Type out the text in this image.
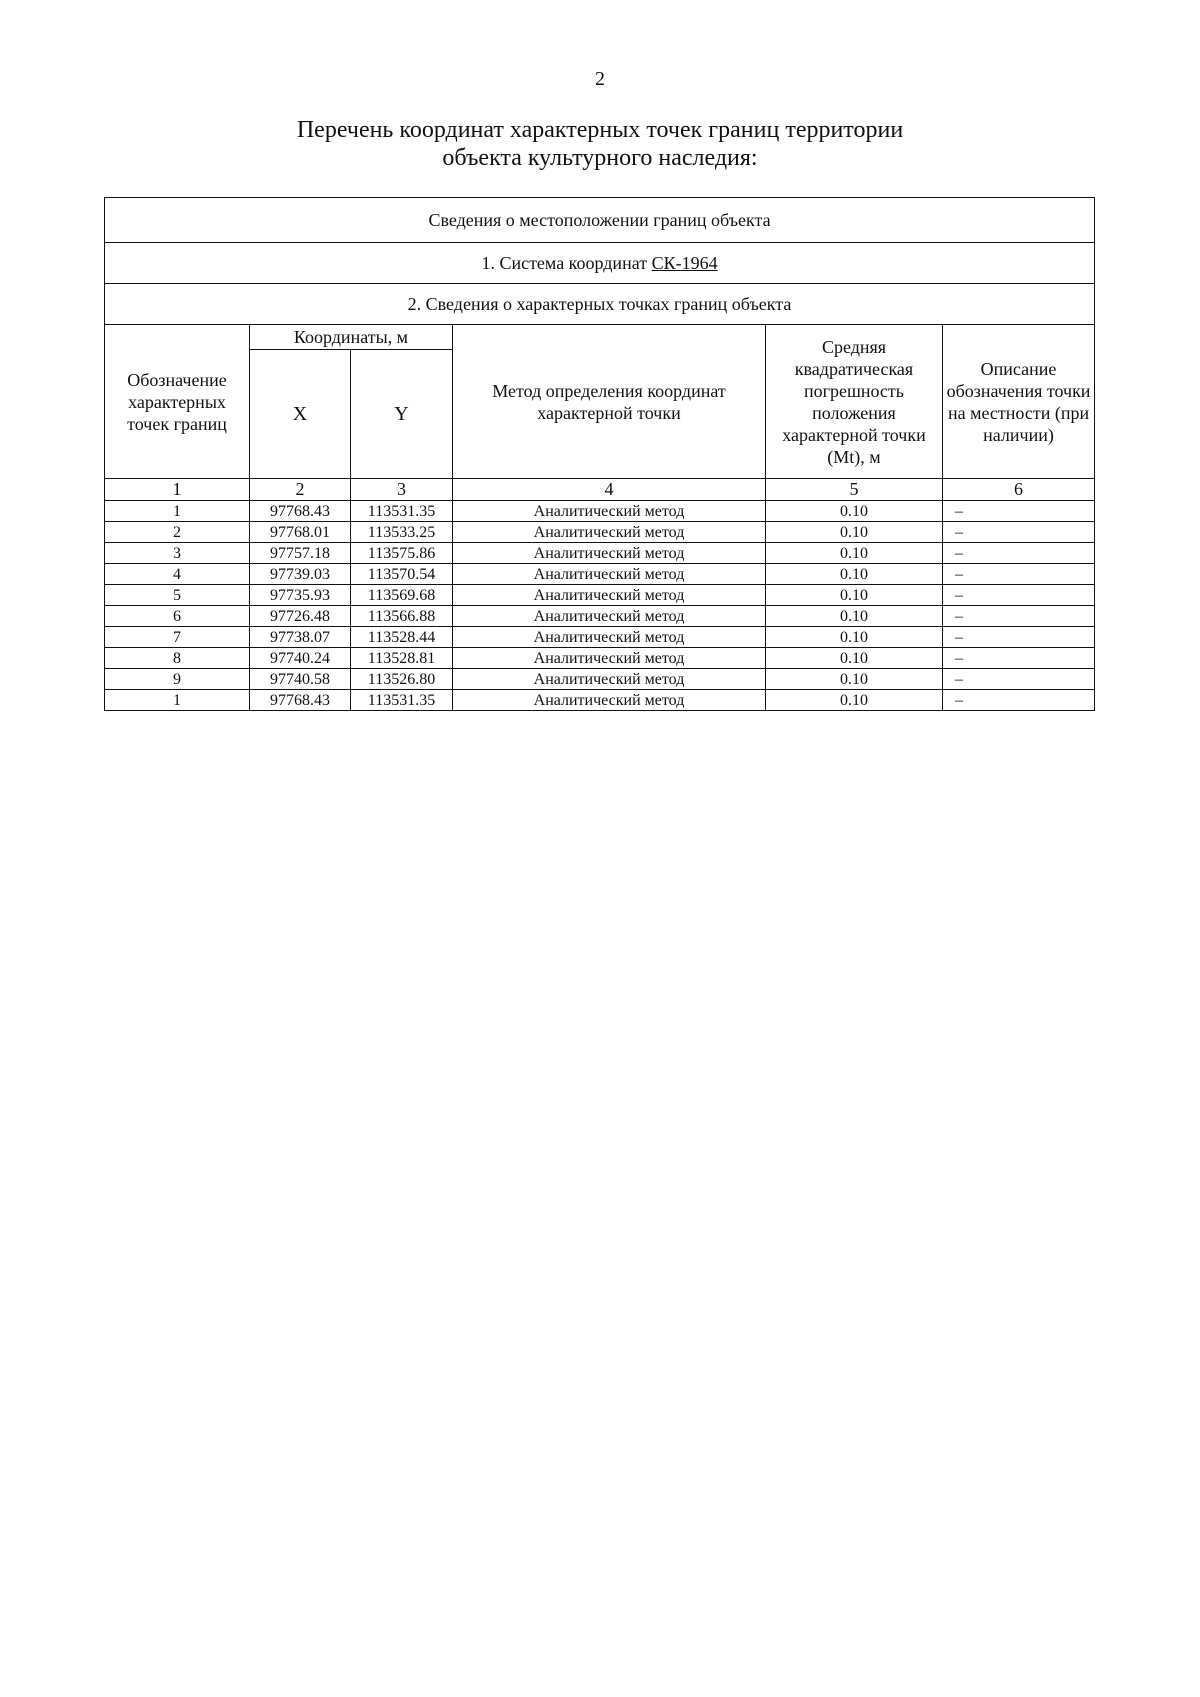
2
Перечень координат характерных точек границ территории
объекта культурного наследия:
Сведения о местоположении границ объекта					
1. Система координат СК-1964					
2. Сведения о характерных точках границ объекта					
Обозначение характерных точек границ	Координаты, м		Метод определения координат характерной точки	Средняя квадратическая погрешность положения характерной точки (Mt), м	Описание обозначения точки на местности (при наличии)
	X	Y			
1	2	3	4	5	6
1	97768.43	113531.35	Аналитический метод	0.10	–
2	97768.01	113533.25	Аналитический метод	0.10	–
3	97757.18	113575.86	Аналитический метод	0.10	–
4	97739.03	113570.54	Аналитический метод	0.10	–
5	97735.93	113569.68	Аналитический метод	0.10	–
6	97726.48	113566.88	Аналитический метод	0.10	–
7	97738.07	113528.44	Аналитический метод	0.10	–
8	97740.24	113528.81	Аналитический метод	0.10	–
9	97740.58	113526.80	Аналитический метод	0.10	–
1	97768.43	113531.35	Аналитический метод	0.10	–
